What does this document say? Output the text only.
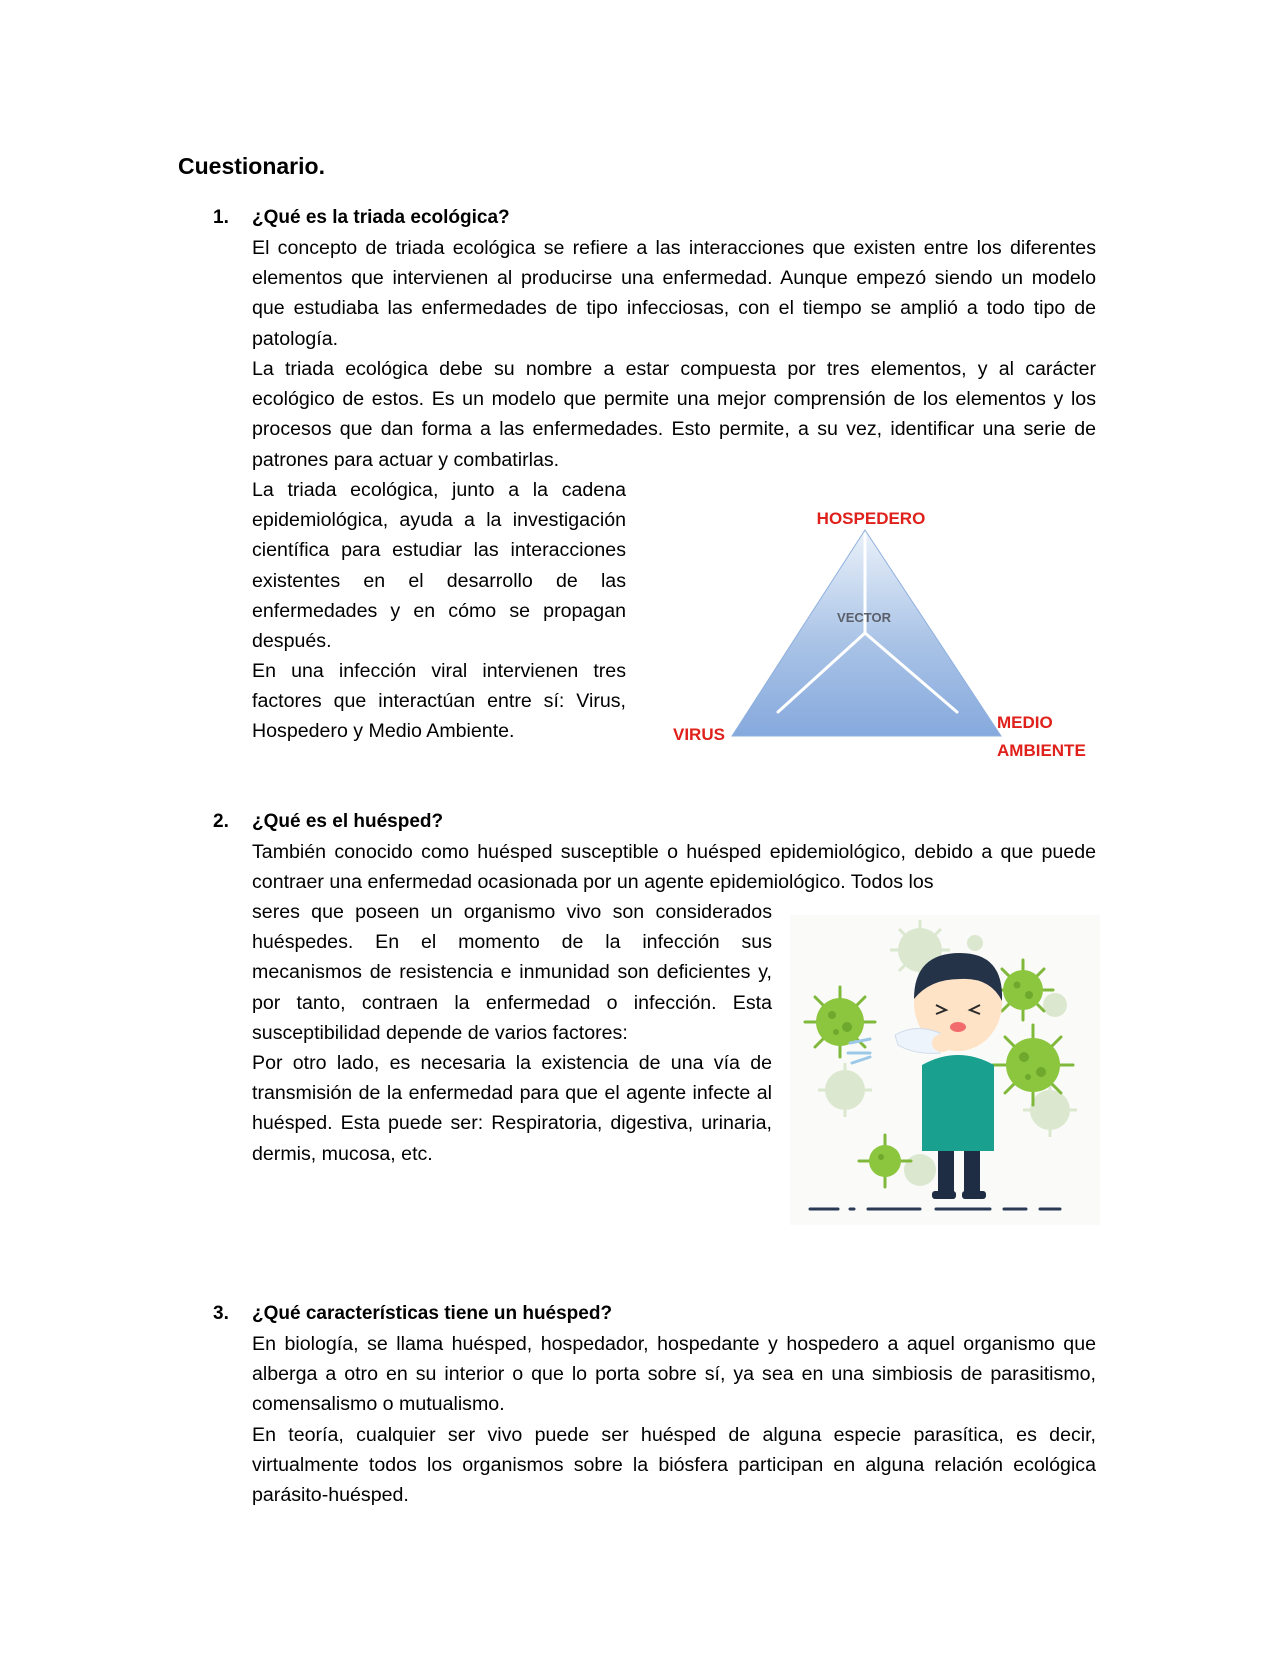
Cuestionario.
1. ¿Qué es la triada ecológica?

El concepto de triada ecológica se refiere a las interacciones que existen entre los diferentes elementos que intervienen al producirse una enfermedad. Aunque empezó siendo un modelo que estudiaba las enfermedades de tipo infecciosas, con el tiempo se amplió a todo tipo de patología.

La triada ecológica debe su nombre a estar compuesta por tres elementos, y al carácter ecológico de estos. Es un modelo que permite una mejor comprensión de los elementos y los procesos que dan forma a las enfermedades. Esto permite, a su vez, identificar una serie de patrones para actuar y combatirlas.

La triada ecológica, junto a la cadena epidemiológica, ayuda a la investigación científica para estudiar las interacciones existentes en el desarrollo de las enfermedades y en cómo se propagan después.

En una infección viral intervienen tres factores que interactúan entre sí: Virus, Hospedero y Medio Ambiente.

HOSPEDERO
VECTOR
VIRUS
MEDIO
AMBIENTE
2. ¿Qué es el huésped?

También conocido como huésped susceptible o huésped epidemiológico, debido a que puede contraer una enfermedad ocasionada por un agente epidemiológico. Todos los

seres que poseen un organismo vivo son considerados huéspedes. En el momento de la infección sus mecanismos de resistencia e inmunidad son deficientes y, por tanto, contraen la enfermedad o infección. Esta susceptibilidad depende de varios factores:

Por otro lado, es necesaria la existencia de una vía de transmisión de la enfermedad para que el agente infecte al huésped. Esta puede ser: Respiratoria, digestiva, urinaria, dermis, mucosa, etc.

3. ¿Qué características tiene un huésped?

En biología, se llama huésped, hospedador, hospedante y hospedero a aquel organismo que alberga a otro en su interior o que lo porta sobre sí, ya sea en una simbiosis de parasitismo, comensalismo o mutualismo.

En teoría, cualquier ser vivo puede ser huésped de alguna especie parasítica, es decir, virtualmente todos los organismos sobre la biósfera participan en alguna relación ecológica parásito-huésped.
